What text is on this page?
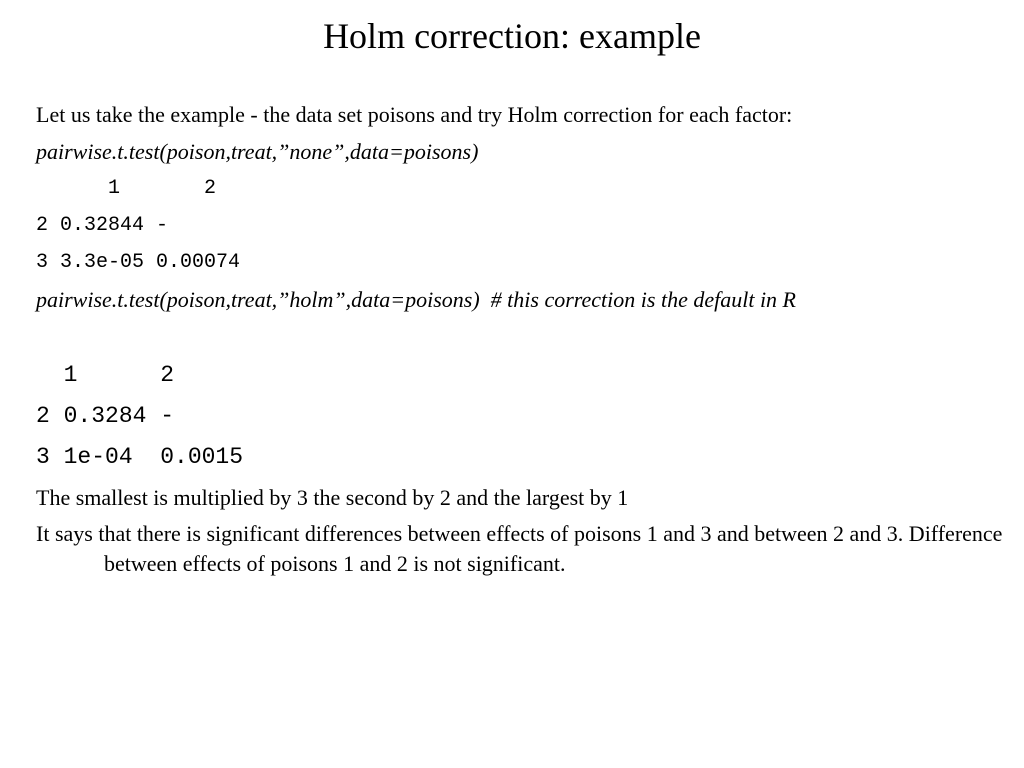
Holm correction: example
Let us take the example - the data set poisons and try Holm correction for each factor:
pairwise.t.test(poison,treat,”none”,data=poisons)
1       2
2 0.32844 -
3 3.3e-05 0.00074
pairwise.t.test(poison,treat,”holm”,data=poisons)  # this correction is the default in R
1      2
2 0.3284 -
3 1e-04  0.0015
The smallest is multiplied by 3 the second by 2 and the largest by 1
It says that there is significant differences between effects of poisons 1 and 3 and between 2 and 3. Difference between effects of poisons 1 and 2 is not significant.
